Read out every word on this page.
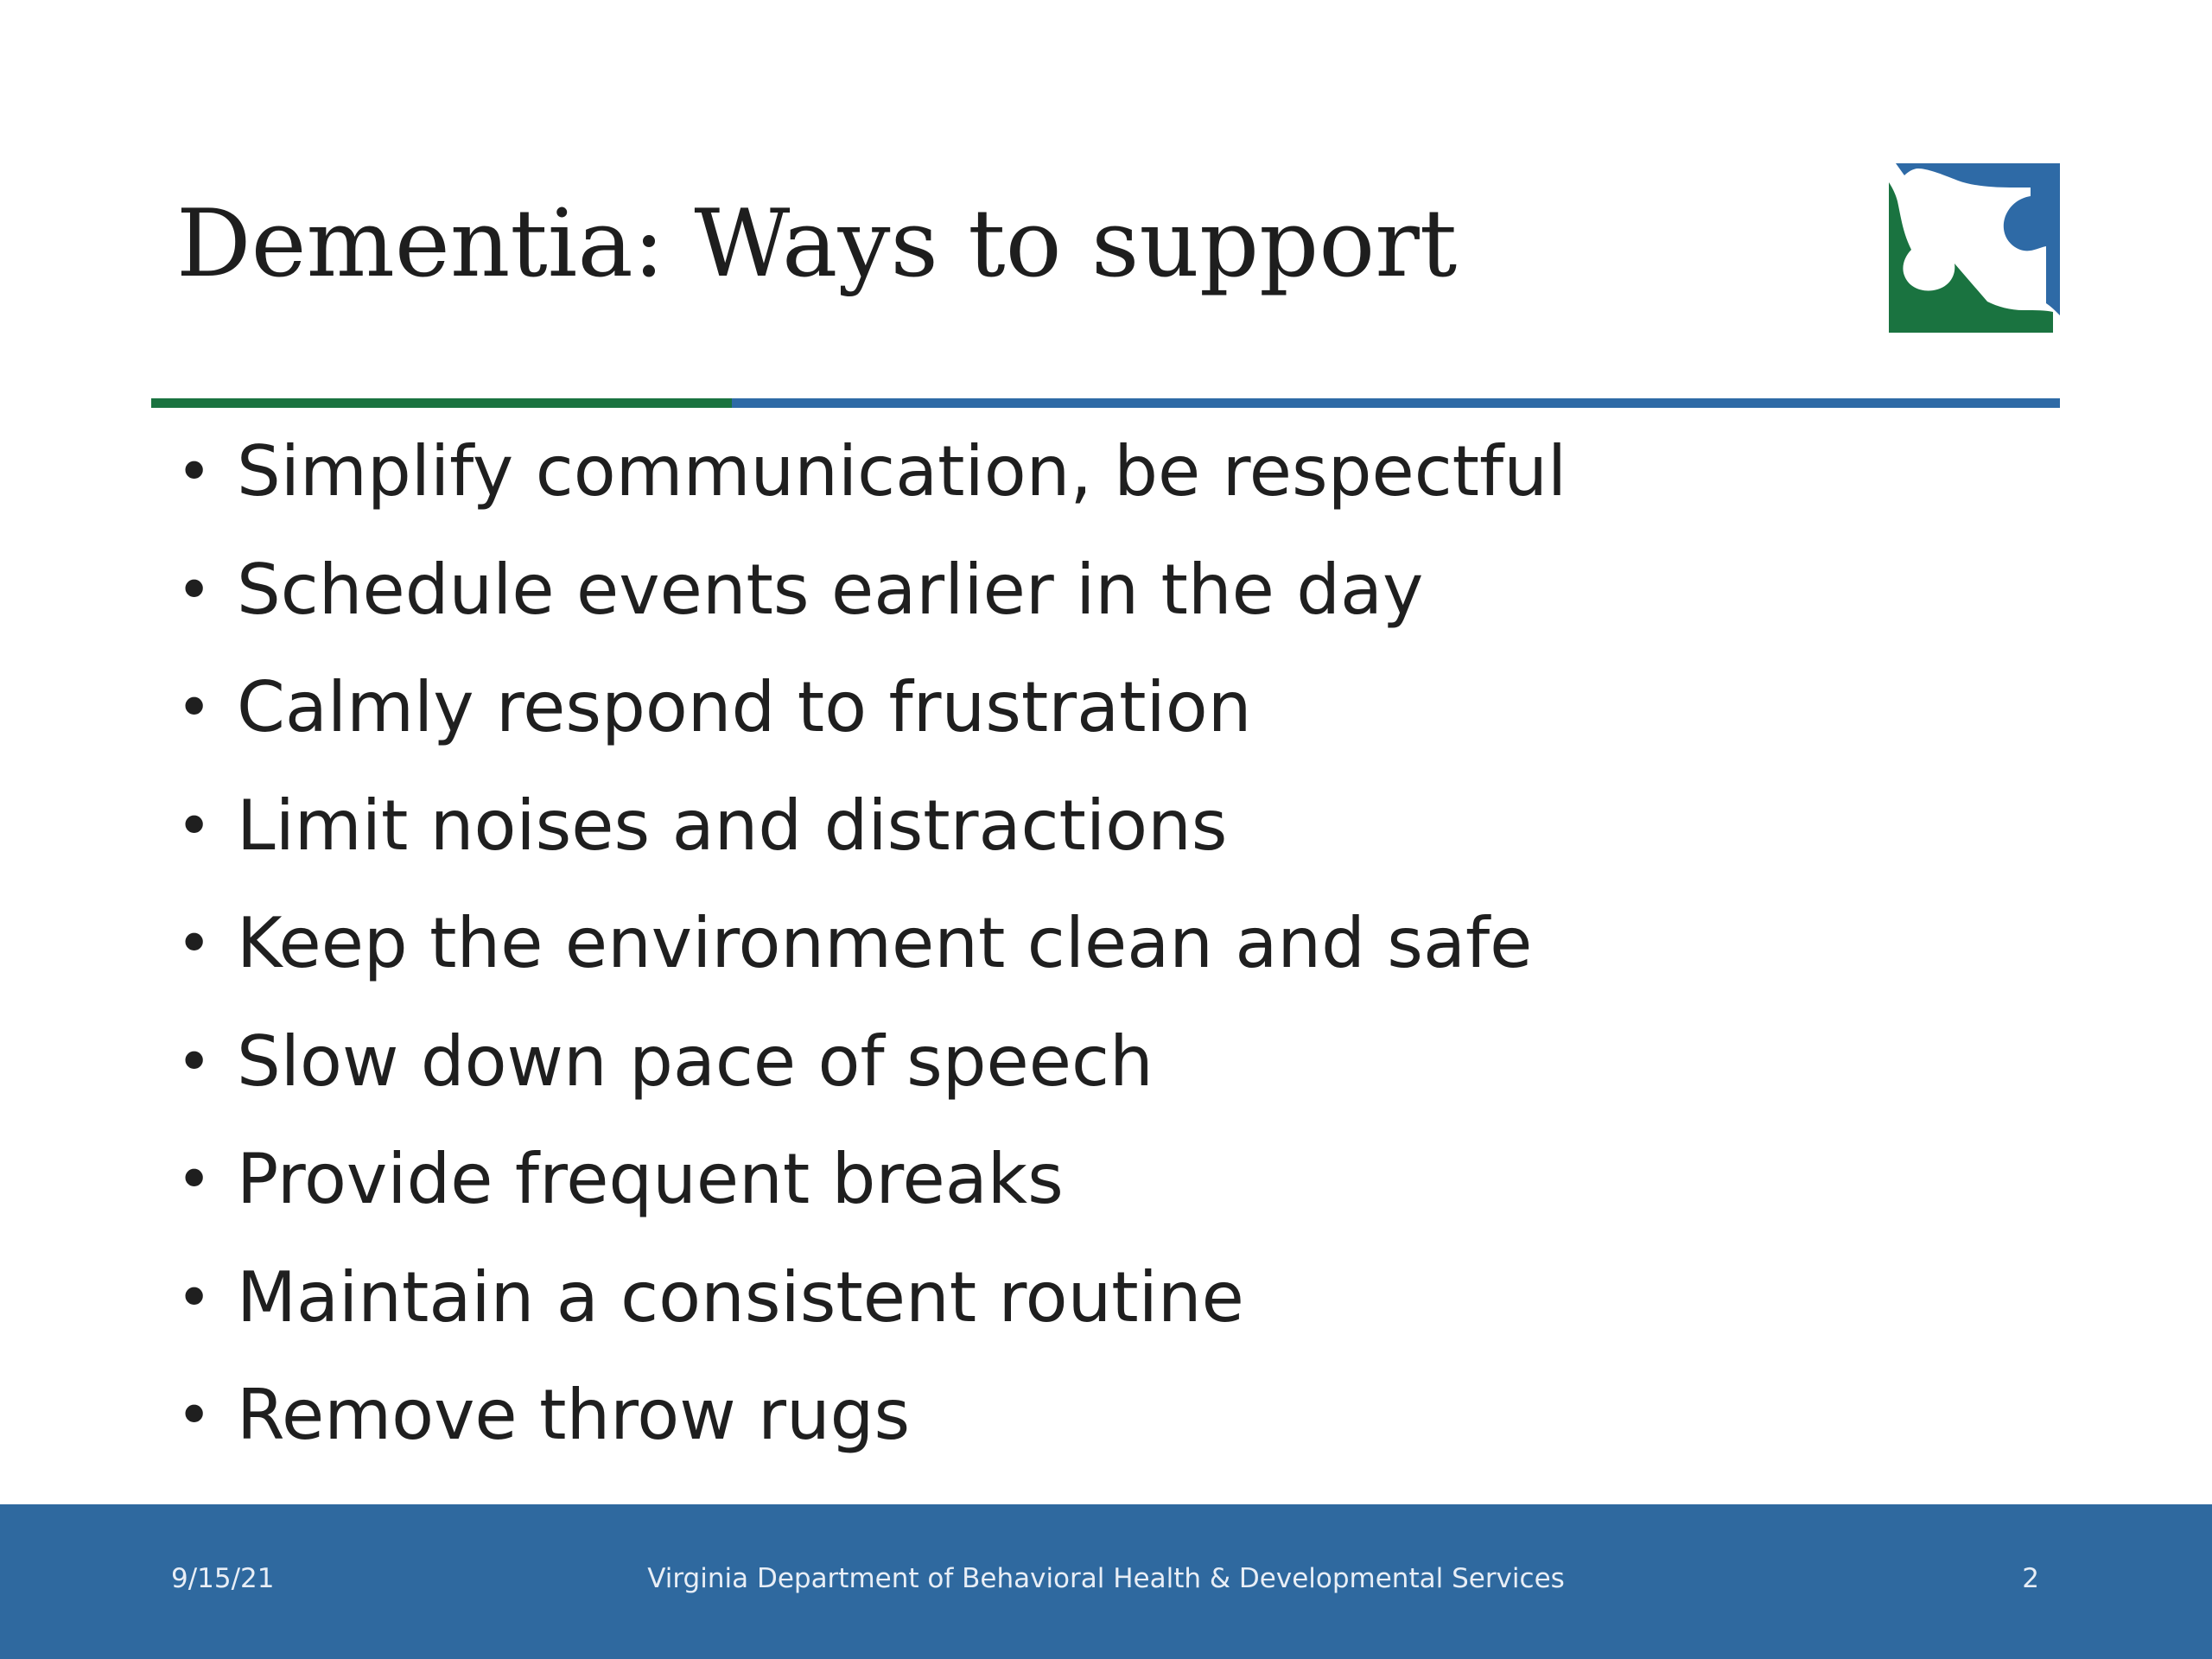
Dementia: Ways to support
• Simplify communication, be respectful
• Schedule events earlier in the day
• Calmly respond to frustration
• Limit noises and distractions
• Keep the environment clean and safe
• Slow down pace of speech
• Provide frequent breaks
• Maintain a consistent routine
• Remove throw rugs
9/15/21	Virginia Department of Behavioral Health & Developmental Services	2
